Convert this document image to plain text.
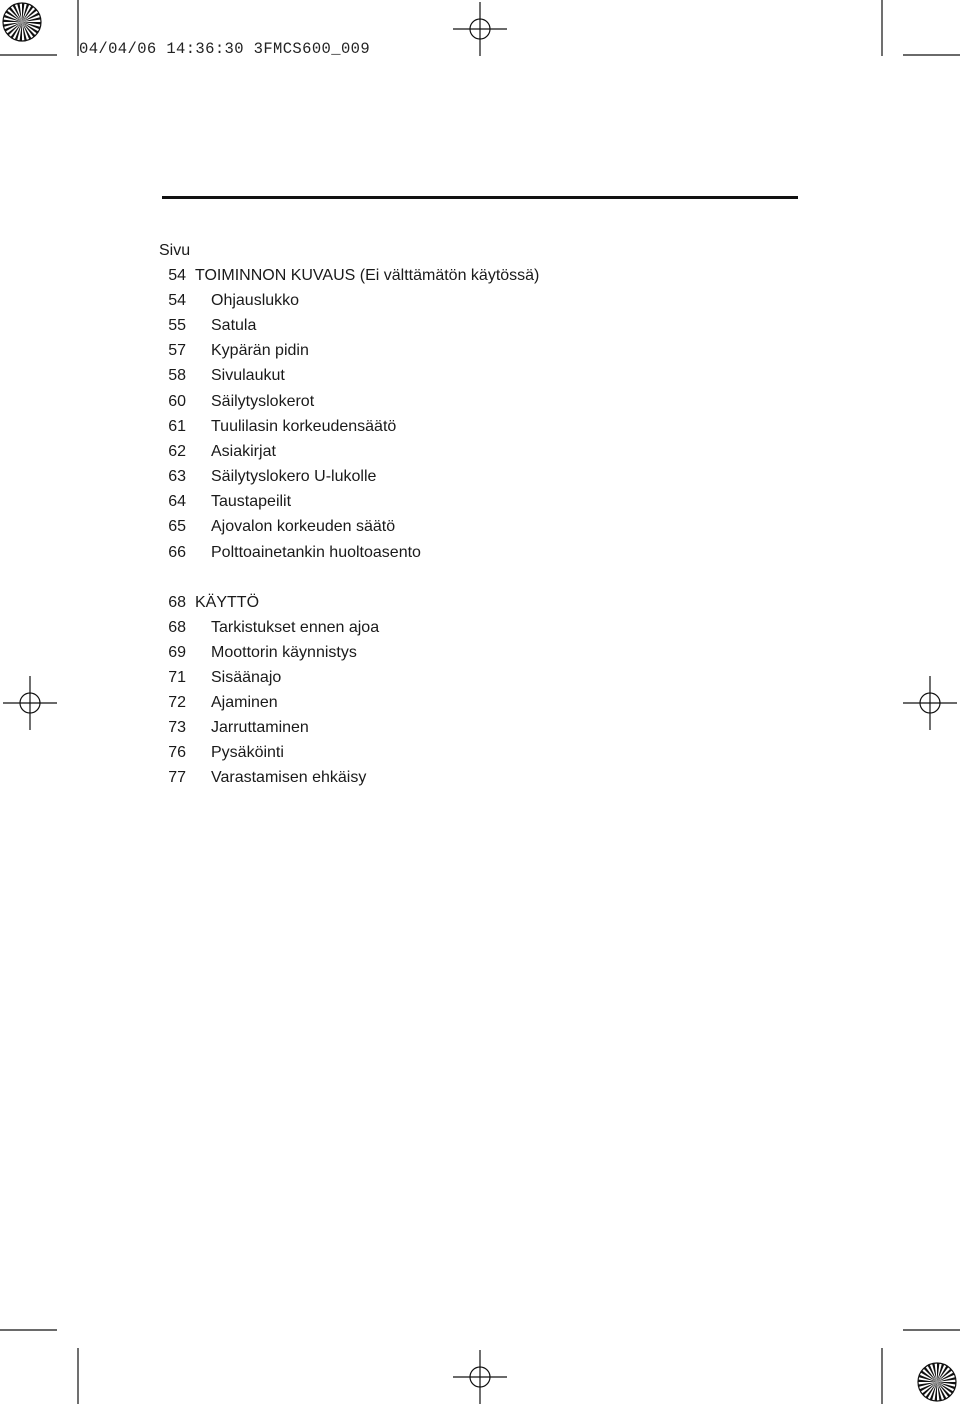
04/04/06 14:36:30 3FMCS600_009
Sivu
54 TOIMINNON KUVAUS (Ei välttämätön käytössä)
54 Ohjauslukko
55 Satula
57 Kypärän pidin
58 Sivulaukut
60 Säilytyslokerot
61 Tuulilasin korkeudensäätö
62 Asiakirjat
63 Säilytyslokero U-lukolle
64 Taustapeilit
65 Ajovalon korkeuden säätö
66 Polttoainetankin huoltoasento
68 KÄYTTÖ
68 Tarkistukset ennen ajoa
69 Moottorin käynnistys
71 Sisäänajo
72 Ajaminen
73 Jarruttaminen
76 Pysäköinti
77 Varastamisen ehkäisy
